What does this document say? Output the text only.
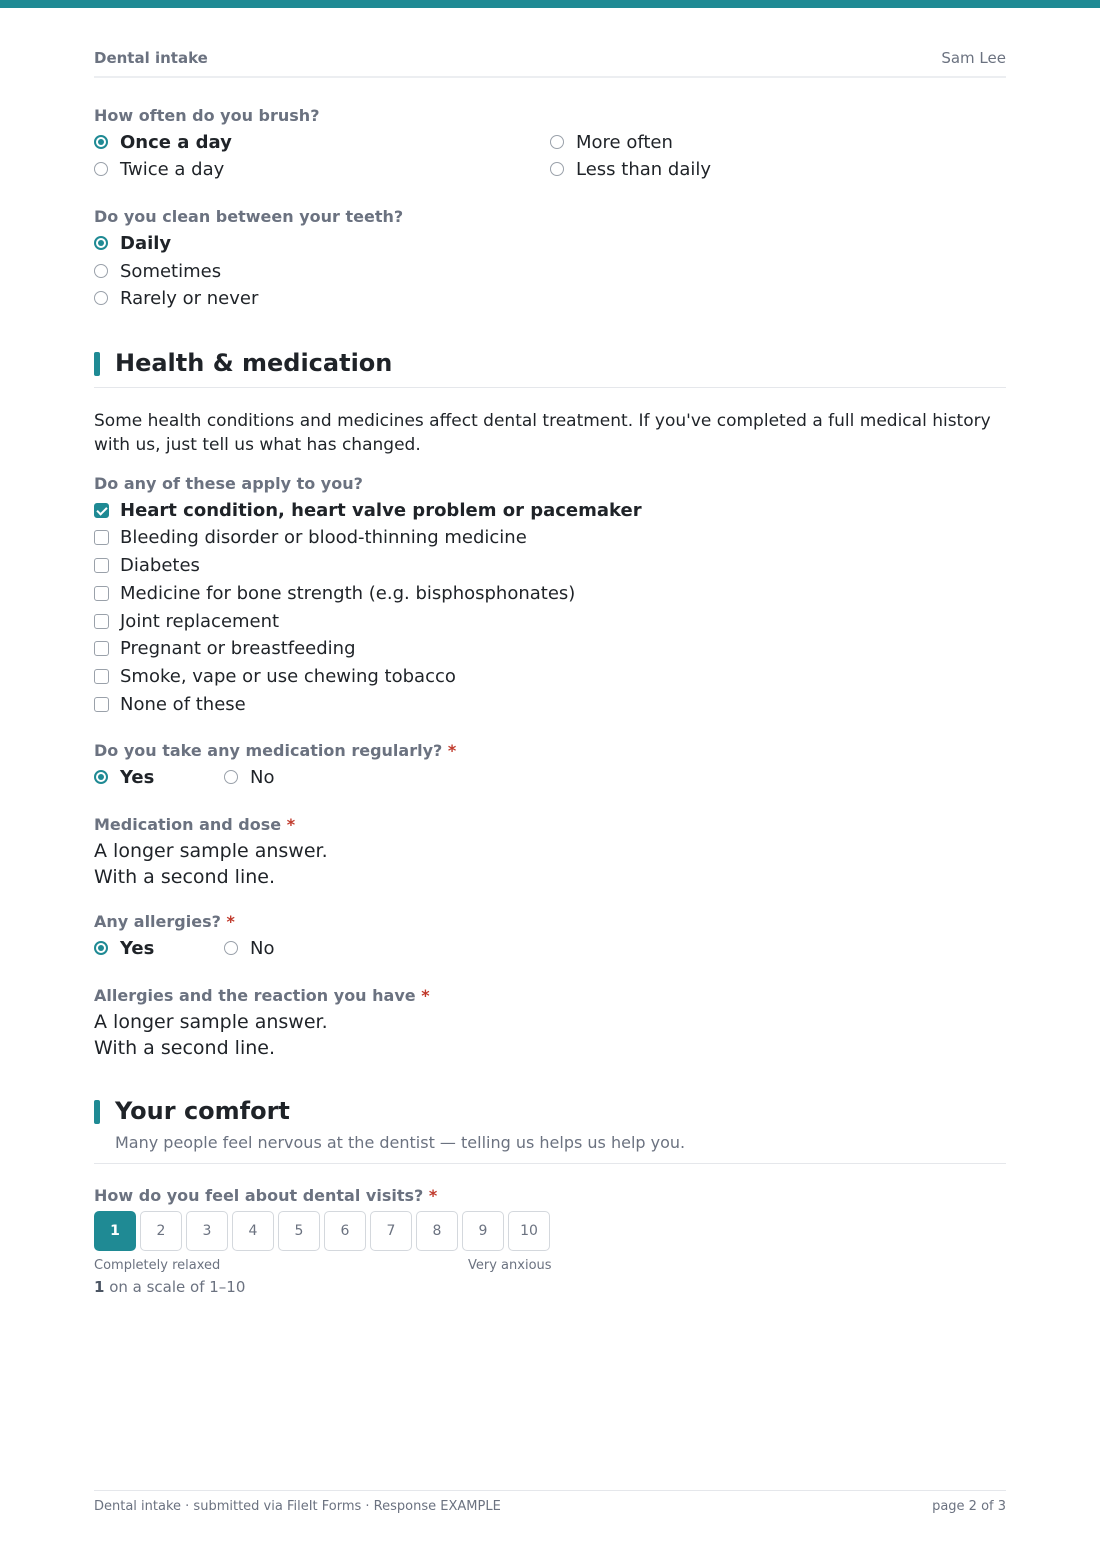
Dental intake	Sam Lee
How often do you brush?
Once a day
Twice a day
More often
Less than daily
Do you clean between your teeth?
Daily
Sometimes
Rarely or never
Health & medication
Some health conditions and medicines affect dental treatment. If you've completed a full medical history with us, just tell us what has changed.
Do any of these apply to you?
Heart condition, heart valve problem or pacemaker
Bleeding disorder or blood-thinning medicine
Diabetes
Medicine for bone strength (e.g. bisphosphonates)
Joint replacement
Pregnant or breastfeeding
Smoke, vape or use chewing tobacco
None of these
Do you take any medication regularly? *
Yes	No
Medication and dose *
A longer sample answer.
With a second line.
Any allergies? *
Yes	No
Allergies and the reaction you have *
A longer sample answer.
With a second line.
Your comfort
Many people feel nervous at the dentist — telling us helps us help you.
How do you feel about dental visits? *
1	2	3	4	5	6	7	8	9	10
Completely relaxed	Very anxious
1 on a scale of 1–10
Dental intake · submitted via FileIt Forms · Response EXAMPLE	page 2 of 3
